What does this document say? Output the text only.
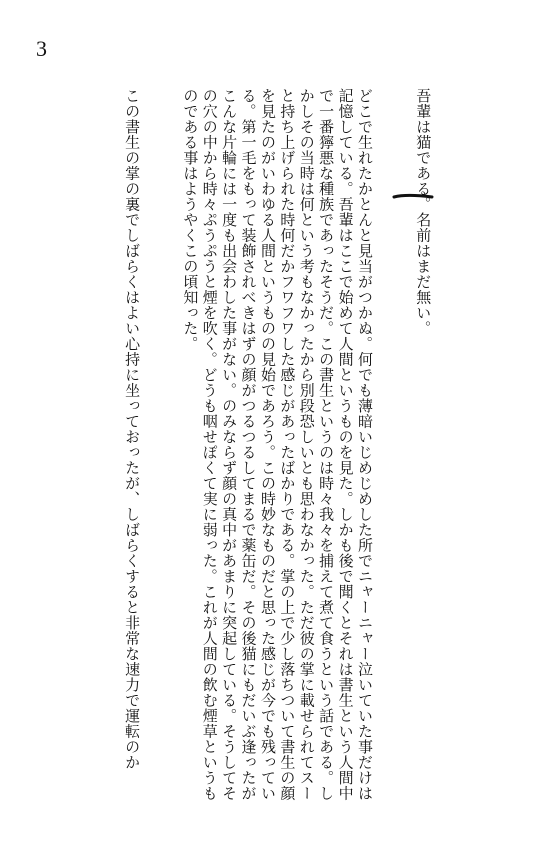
3

吾輩は猫である。名前はまだ無い。

どこで生れたかとんと見当がつかぬ。何でも薄暗いじめじめした所でニャーニャー泣いていた事だけは記憶している。吾輩はここで始めて人間というものを見た。しかも後で聞くとそれは書生という人間中で一番獰悪な種族であったそうだ。この書生というのは時々我々を捕えて煮て食うという話である。しかしその当時は何という考もなかったから別段恐しいとも思わなかった。ただ彼の掌に載せられてスーと持ち上げられた時何だかフワフワした感じがあったばかりである。掌の上で少し落ちついて書生の顔を見たのがいわゆる人間というものの見始であろう。この時妙なものだと思った感じが今でも残っている。第一毛をもって装飾されべきはずの顔がつるつるしてまるで薬缶だ。その後猫にもだいぶ逢ったがこんな片輪には一度も出会わした事がない。のみならず顔の真中があまりに突起している。そうしてその穴の中から時々ぷうぷうと煙を吹く。どうも咽せぽくて実に弱った。これが人間の飲む煙草というものである事はようやくこの頃知った。

この書生の掌の裏でしばらくはよい心持に坐っておったが、しばらくすると非常な速力で運転のか
